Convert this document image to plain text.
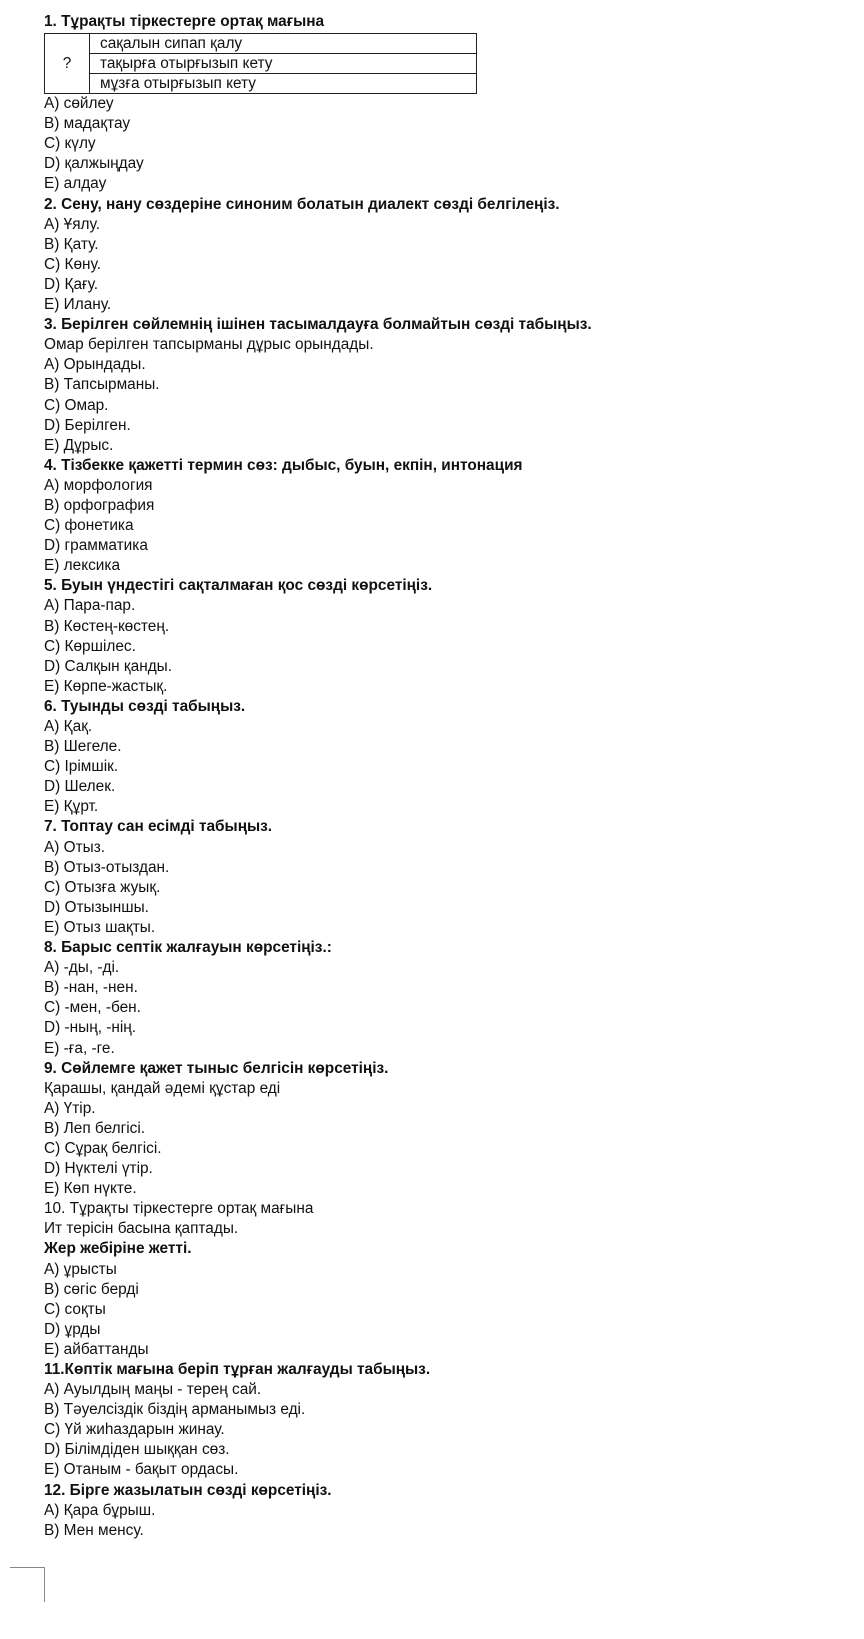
1. Тұрақты тіркестерге ортақ мағына
?	сақалын сипап қалу
тақырға отырғызып кету
мұзға отырғызып кету
А) сөйлеу
В) мадақтау
С) күлу
D) қалжыңдау
Е) алдау
2. Сену, нану сөздеріне синоним болатын диалект сөзді белгілеңіз.
А) Ұялу.
В) Қату.
С) Көну.
D) Қағу.
Е) Илану.
3. Берілген сөйлемнің ішінен тасымалдауға болмайтын сөзді табыңыз.
Омар берілген тапсырманы дұрыс орындады.
А) Орындады.
В) Тапсырманы.
С) Омар.
D) Берілген.
Е) Дұрыс.
4. Тізбекке қажетті термин сөз: дыбыс, буын, екпін, интонация
А) морфология
В) орфография
С) фонетика
D) грамматика
Е) лексика
5. Буын үндестігі сақталмаған қос сөзді көрсетіңіз.
А) Пара-пар.
В) Көстең-көстең.
С) Көршілес.
D) Салқын қанды.
Е) Көрпе-жастық.
6. Туынды сөзді табыңыз.
А) Қақ.
В) Шегеле.
С) Ірімшік.
D) Шелек.
Е) Құрт.
7. Топтау сан есімді табыңыз.
А) Отыз.
В) Отыз-отыздан.
С) Отызға жуық.
D) Отызыншы.
Е) Отыз шақты.
8. Барыс септік жалғауын көрсетіңіз.:
А) -ды, -ді.
В) -нан, -нен.
С) -мен, -бен.
D) -ның, -нің.
Е) -ға, -ге.
9. Сөйлемге қажет тыныс белгісін көрсетіңіз.
Қарашы, қандай әдемі құстар еді
А) Үтір.
В) Леп белгісі.
С) Сұрақ белгісі.
D) Нүктелі үтір.
Е) Көп нүкте.
10. Тұрақты тіркестерге ортақ мағына
Ит терісін басына қаптады.
Жер жебіріне жетті.
А) ұрысты
В) сөгіс берді
С) соқты
D) ұрды
Е) айбаттанды
11.Көптік мағына беріп тұрған жалғауды табыңыз.
А) Ауылдың маңы - терең сай.
В) Тәуелсіздік біздің арманымыз еді.
С) Үй жиһаздарын жинау.
D) Білімдіден шыққан сөз.
Е) Отаным - бақыт ордасы.
12. Бірге жазылатын сөзді көрсетіңіз.
А) Қара бұрыш.
В) Мен менсу.
